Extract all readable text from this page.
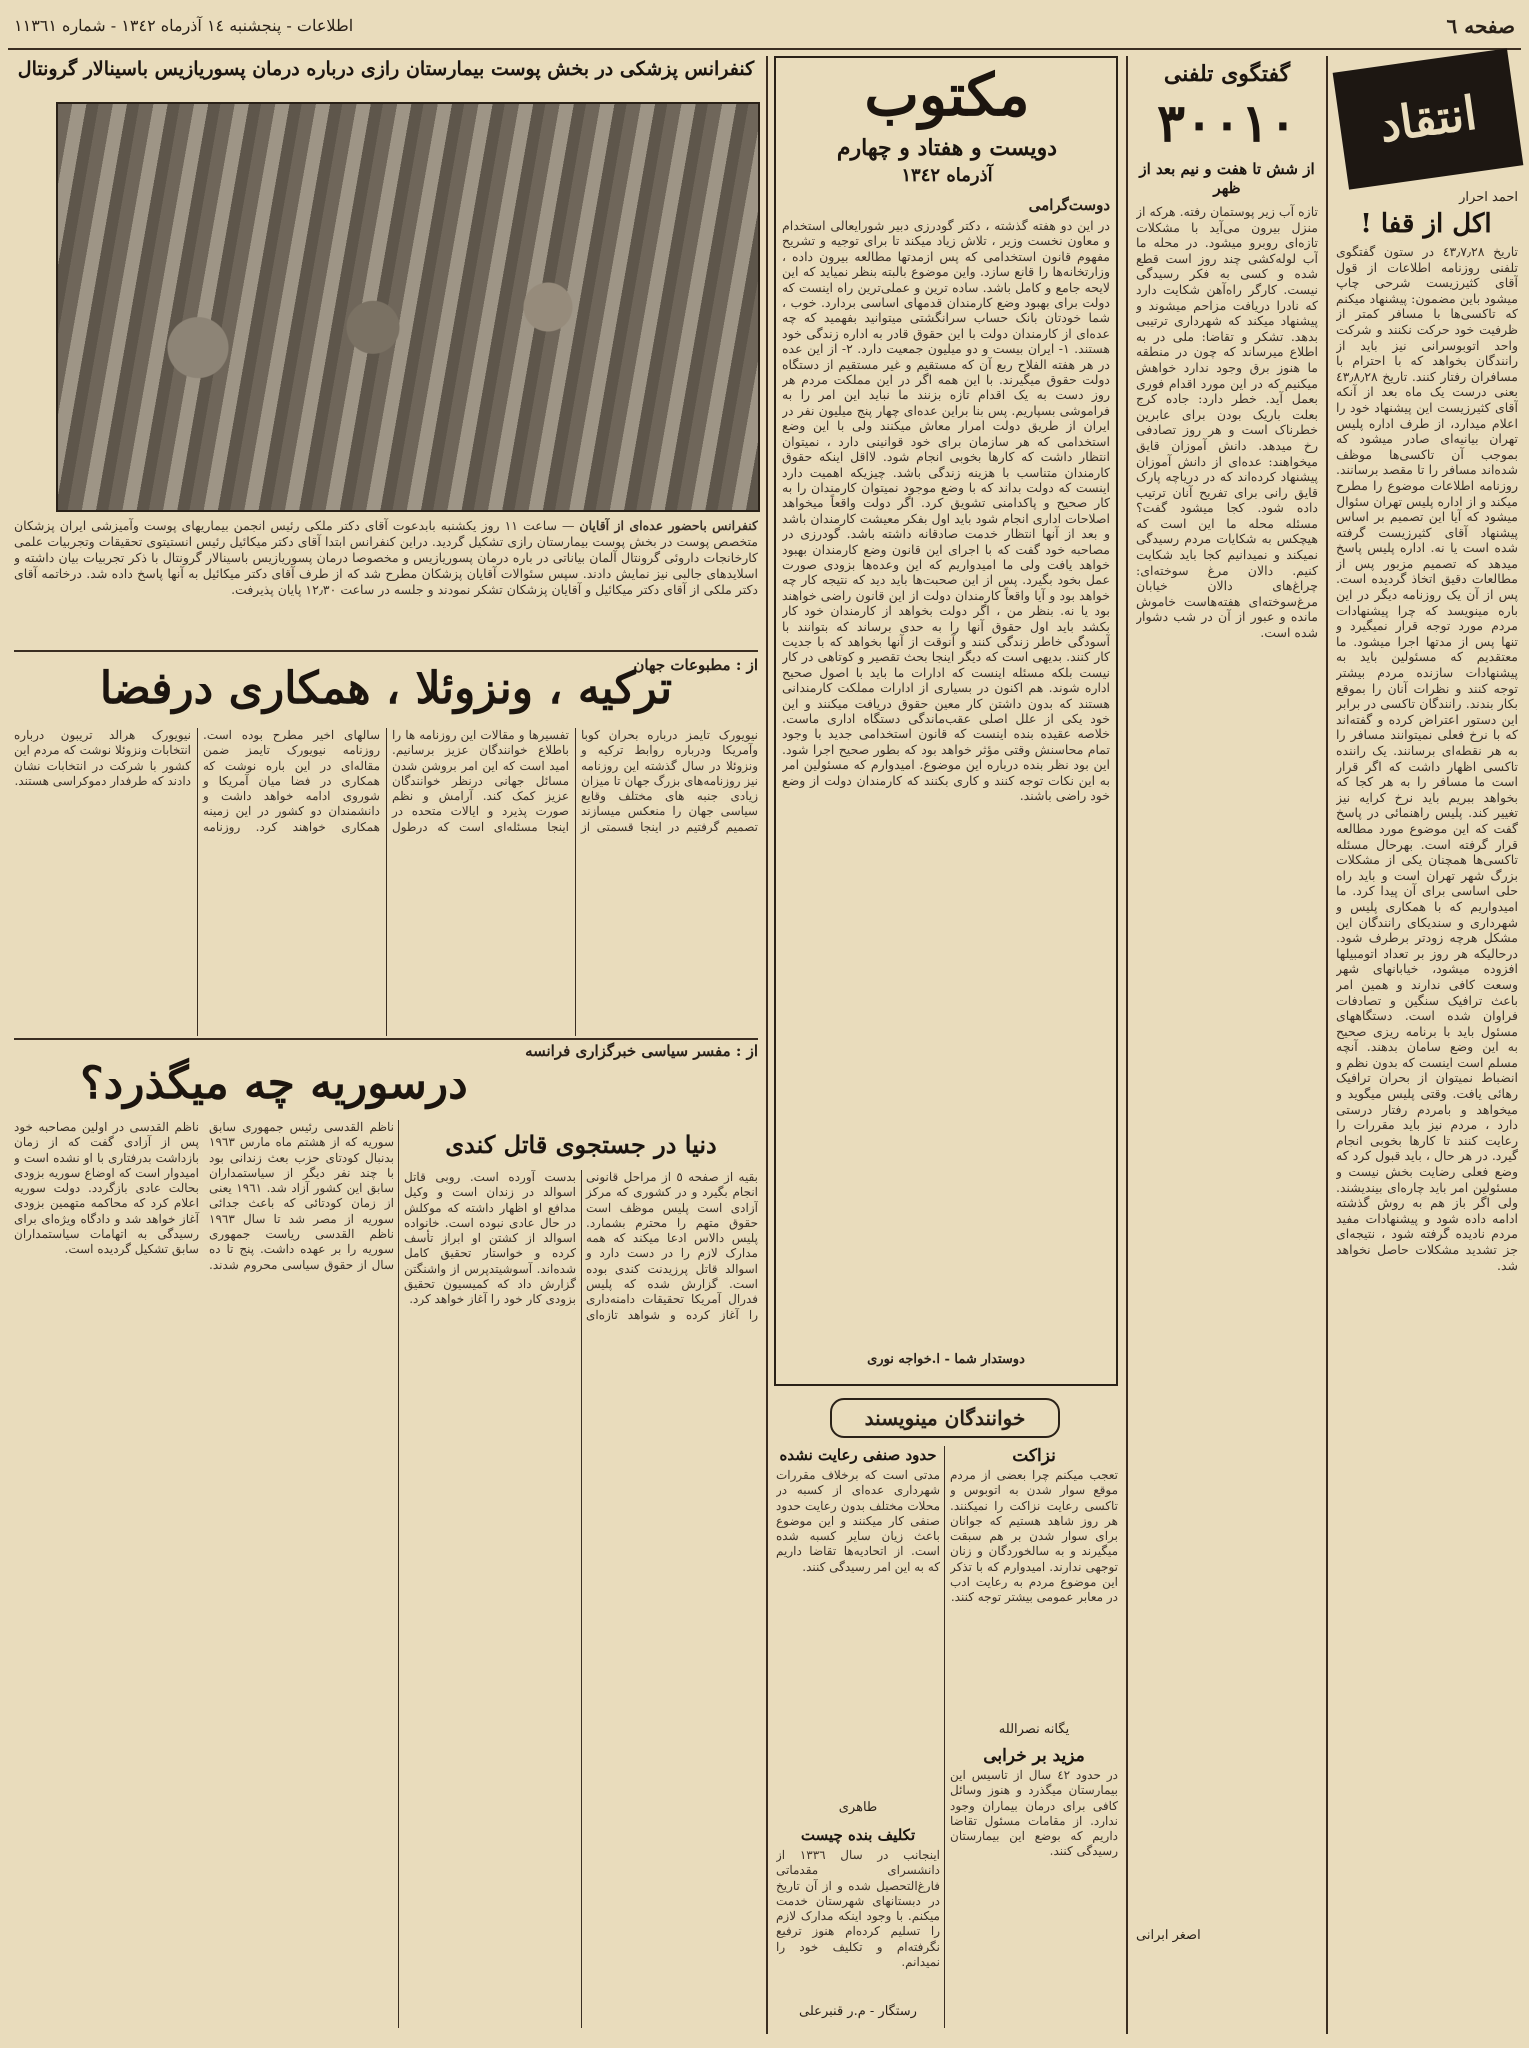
صفحه ٦
اطلاعات - پنجشنبه ١٤ آذرماه ١٣٤٢ - شماره ١١٣٦١
کنفرانس پزشکی در بخش پوست بیمارستان رازی درباره درمان پسوریازیس باسینالار گرونتال
کنفرانس باحضور عده‌ای از آقایان — ساعت ١١ روز یکشنبه بابدعوت آقای دکتر ملکی رئیس انجمن بیماریهای پوست وآمیزشی ایران پزشکان متخصص پوست در بخش پوست بیمارستان رازی تشکیل گردید. دراین کنفرانس ابتدا آقای دکتر میکائیل رئیس انستیتوی تحقیقات وتجربیات علمی کارخانجات داروئی گرونتال آلمان بیاناتی در باره درمان پسوریازیس و مخصوصا درمان پسوریازیس باسینالار گرونتال با ذکر تجربیات بیان داشته و اسلایدهای جالبی نیز نمایش دادند. سپس سئوالات آقایان پزشکان مطرح شد که از طرف آقای دکتر میکائیل به آنها پاسخ داده شد. درخاتمه آقای دکتر ملکی از آقای دکتر میکائیل و آقایان پزشکان تشکر نمودند و جلسه در ساعت ١٢٫٣٠ پایان پذیرفت.
از : مطبوعات جهان
ترکیه ، ونزوئلا ، همکاری درفضا
نیویورک تایمز درباره بحران کوبا وآمریکا ودرباره روابط ترکیه و ونزوئلا در سال گذشته این روزنامه نیز روزنامه‌های بزرگ جهان تا میزان زیادی جنبه های مختلف وقایع سیاسی جهان را منعکس میسازند تصمیم گرفتیم در اینجا قسمتی از تفسیرها و مقالات این روزنامه ها را باطلاع خوانندگان عزیز برسانیم. امید است که این امر بروشن شدن مسائل جهانی درنظر خوانندگان عزیز کمک کند. آرامش و نظم صورت پذیرد و ایالات متحده در اینجا مسئله‌ای است که درطول سالهای اخیر مطرح بوده است. روزنامه نیویورک تایمز ضمن مقاله‌ای در این باره نوشت که همکاری در فضا میان آمریکا و شوروی ادامه خواهد داشت و دانشمندان دو کشور در این زمینه همکاری خواهند کرد. روزنامه نیویورک هرالد تریبون درباره انتخابات ونزوئلا نوشت که مردم این کشور با شرکت در انتخابات نشان دادند که طرفدار دموکراسی هستند.
از : مفسر سیاسی خبرگزاری فرانسه
درسوریه چه میگذرد؟
ناظم القدسی رئیس جمهوری سابق سوریه که از هشتم ماه مارس ١٩٦٣ بدنبال کودتای حزب بعث زندانی بود با چند نفر دیگر از سیاستمداران سابق این کشور آزاد شد. ١٩٦١ یعنی از زمان کودتائی که باعث جدائی سوریه از مصر شد تا سال ١٩٦٣ ناظم القدسی ریاست جمهوری سوریه را بر عهده داشت. پنج تا ده سال از حقوق سیاسی محروم شدند. ناظم القدسی در اولین مصاحبه خود پس از آزادی گفت که از زمان بازداشت بدرفتاری با او نشده است و امیدوار است که اوضاع سوریه بزودی بحالت عادی بازگردد. دولت سوریه اعلام کرد که محاکمه متهمین بزودی آغاز خواهد شد و دادگاه ویژه‌ای برای رسیدگی به اتهامات سیاستمداران سابق تشکیل گردیده است.
دنیا در جستجوی قاتل کندی
بقیه از صفحه ٥ از مراحل قانونی انجام بگیرد و در کشوری که مرکز آزادی است پلیس موظف است حقوق متهم را محترم بشمارد. پلیس دالاس ادعا میکند که همه مدارک لازم را در دست دارد و اسوالد قاتل پرزیدنت کندی بوده است. گزارش شده که پلیس فدرال آمریکا تحقیقات دامنه‌داری را آغاز کرده و شواهد تازه‌ای بدست آورده است. روبی قاتل اسوالد در زندان است و وکیل مدافع او اظهار داشته که موکلش در حال عادی نبوده است. خانواده اسوالد از کشتن او ابراز تأسف کرده و خواستار تحقیق کامل شده‌اند. آسوشیتدپرس از واشنگتن گزارش داد که کمیسیون تحقیق بزودی کار خود را آغاز خواهد کرد.
مکتوب
دویست و هفتاد و چهارم
آذرماه ١٣٤٢
دوست‌گرامی
در این دو هفته گذشته ، دکتر گودرزی دبیر شورایعالی استخدام و معاون نخست وزیر ، تلاش زیاد میکند تا برای توجیه و تشریح مفهوم قانون استخدامی که پس ازمدتها مطالعه بیرون داده ، وزارتخانه‌ها را قانع سازد. واین موضوع بالبته بنظر نمیاید که این لایحه جامع و کامل باشد. ساده ترین و عملی‌ترین راه اینست که دولت برای بهبود وضع کارمندان قدمهای اساسی بردارد. خوب ، شما خودتان بانک حساب سرانگشتی میتوانید بفهمید که چه عده‌ای از کارمندان دولت با این حقوق قادر به اداره زندگی خود هستند. ١- ایران بیست و دو میلیون جمعیت دارد. ٢- از این عده در هر هفته الفلاح ربع آن که مستقیم و غیر مستقیم از دستگاه دولت حقوق میگیرند. با این همه اگر در این مملکت مردم هر روز دست به یک اقدام تازه بزنند ما نباید این امر را به فراموشی بسپاریم. پس بنا براین عده‌ای چهار پنج میلیون نفر در ایران از طریق دولت امرار معاش میکنند ولی با این وضع استخدامی که هر سازمان برای خود قوانینی دارد ، نمیتوان انتظار داشت که کارها بخوبی انجام شود. لااقل اینکه حقوق کارمندان متناسب با هزینه زندگی باشد. چیزیکه اهمیت دارد اینست که دولت بداند که با وضع موجود نمیتوان کارمندان را به کار صحیح و پاکدامنی تشویق کرد. اگر دولت واقعاً میخواهد اصلاحات اداری انجام شود باید اول بفکر معیشت کارمندان باشد و بعد از آنها انتظار خدمت صادقانه داشته باشد. گودرزی در مصاحبه خود گفت که با اجرای این قانون وضع کارمندان بهبود خواهد یافت ولی ما امیدواریم که این وعده‌ها بزودی صورت عمل بخود بگیرد. پس از این صحبت‌ها باید دید که نتیجه کار چه خواهد بود و آیا واقعاً کارمندان دولت از این قانون راضی خواهند بود یا نه. بنظر من ، اگر دولت بخواهد از کارمندان خود کار بکشد باید اول حقوق آنها را به حدی برساند که بتوانند با آسودگی خاطر زندگی کنند و آنوقت از آنها بخواهد که با جدیت کار کنند. بدیهی است که دیگر اینجا بحث تقصیر و کوتاهی در کار نیست بلکه مسئله اینست که ادارات ما باید با اصول صحیح اداره شوند. هم اکنون در بسیاری از ادارات مملکت کارمندانی هستند که بدون داشتن کار معین حقوق دریافت میکنند و این خود یکی از علل اصلی عقب‌ماندگی دستگاه اداری ماست. خلاصه عقیده بنده اینست که قانون استخدامی جدید با وجود تمام محاسنش وقتی مؤثر خواهد بود که بطور صحیح اجرا شود. این بود نظر بنده درباره این موضوع. امیدوارم که مسئولین امر به این نکات توجه کنند و کاری بکنند که کارمندان دولت از وضع خود راضی باشند.
دوستدار شما - ا.خواجه نوری
خوانندگان مینویسند
نزاکت
تعجب میکنم چرا بعضی از مردم موقع سوار شدن به اتوبوس و تاکسی رعایت نزاکت را نمیکنند. هر روز شاهد هستیم که جوانان برای سوار شدن بر هم سبقت میگیرند و به سالخوردگان و زنان توجهی ندارند. امیدوارم که با تذکر این موضوع مردم به رعایت ادب در معابر عمومی بیشتر توجه کنند.
یگانه نصرالله
مزید بر خرابی
در حدود ٤٢ سال از تاسیس این بیمارستان میگذرد و هنوز وسائل کافی برای درمان بیماران وجود ندارد. از مقامات مسئول تقاضا داریم که بوضع این بیمارستان رسیدگی کنند.
حدود صنفی رعایت نشده
مدتی است که برخلاف مقررات شهرداری عده‌ای از کسبه در محلات مختلف بدون رعایت حدود صنفی کار میکنند و این موضوع باعث زیان سایر کسبه شده است. از اتحادیه‌ها تقاضا داریم که به این امر رسیدگی کنند.
طاهری
تکلیف بنده چیست
اینجانب در سال ١٣٣٦ از دانشسرای مقدماتی فارغ‌التحصیل شده و از آن تاریخ در دبستانهای شهرستان خدمت میکنم. با وجود اینکه مدارک لازم را تسلیم کرده‌ام هنوز ترفیع نگرفته‌ام و تکلیف خود را نمیدانم.
رستگار - م.ر قنبرعلی
گفتگوی تلفنی
٣٠٠١٠
از شش تا هفت و نیم بعد از ظهر
تازه آب زیر پوستمان رفته. هرکه از منزل بیرون می‌آید با مشکلات تازه‌ای روبرو میشود. در محله ما آب لوله‌کشی چند روز است قطع شده و کسی به فکر رسیدگی نیست. کارگر راه‌آهن شکایت دارد که نادرا دریافت مزاحم میشوند و پیشنهاد میکند که شهرداری ترتیبی بدهد. تشکر و تقاضا: ملی در به اطلاع میرساند که چون در منطقه ما هنوز برق وجود ندارد خواهش میکنیم که در این مورد اقدام فوری بعمل آید. خطر دارد: جاده کرج بعلت باریک بودن برای عابرین خطرناک است و هر روز تصادفی رخ میدهد. دانش آموزان قایق میخواهند: عده‌ای از دانش آموزان پیشنهاد کرده‌اند که در دریاچه پارک قایق رانی برای تفریح آنان ترتیب داده شود. کجا میشود گفت؟ مسئله محله ما این است که هیچکس به شکایات مردم رسیدگی نمیکند و نمیدانیم کجا باید شکایت کنیم. دالان مرغ سوخته‌ای: چراغ‌های دالان خیابان مرغ‌سوخته‌ای هفته‌هاست خاموش مانده و عبور از آن در شب دشوار شده است.
اصغر ابرانی
انتقاد
احمد احرار
اکل از قفا !
تاریخ ٤٣٫٧٫٢٨ در ستون گفتگوی تلفنی روزنامه اطلاعات از قول آقای کثیرزیست شرحی چاپ میشود باین مضمون: پیشنهاد میکنم که تاکسی‌ها با مسافر کمتر از ظرفیت خود حرکت نکنند و شرکت واحد اتوبوسرانی نیز باید از رانندگان بخواهد که با احترام با مسافران رفتار کنند. تاریخ ٤٣٫٨٫٢٨ بعنی درست یک ماه بعد از آنکه آقای کثیرزیست این پیشنهاد خود را اعلام میدارد، از طرف اداره پلیس تهران بیانیه‌ای صادر میشود که بموجب آن تاکسی‌ها موظف شده‌اند مسافر را تا مقصد برسانند. روزنامه اطلاعات موضوع را مطرح میکند و از اداره پلیس تهران سئوال میشود که آیا این تصمیم بر اساس پیشنهاد آقای کثیرزیست گرفته شده است یا نه. اداره پلیس پاسخ میدهد که تصمیم مزبور پس از مطالعات دقیق اتخاذ گردیده است. پس از آن یک روزنامه دیگر در این باره مینویسد که چرا پیشنهادات مردم مورد توجه قرار نمیگیرد و تنها پس از مدتها اجرا میشود. ما معتقدیم که مسئولین باید به پیشنهادات سازنده مردم بیشتر توجه کنند و نظرات آنان را بموقع بکار بندند. رانندگان تاکسی در برابر این دستور اعتراض کرده و گفته‌اند که با نرخ فعلی نمیتوانند مسافر را به هر نقطه‌ای برسانند. یک راننده تاکسی اظهار داشت که اگر قرار است ما مسافر را به هر کجا که بخواهد ببریم باید نرخ کرایه نیز تغییر کند. پلیس راهنمائی در پاسخ گفت که این موضوع مورد مطالعه قرار گرفته است. بهرحال مسئله تاکسی‌ها همچنان یکی از مشکلات بزرگ شهر تهران است و باید راه حلی اساسی برای آن پیدا کرد. ما امیدواریم که با همکاری پلیس و شهرداری و سندیکای رانندگان این مشکل هرچه زودتر برطرف شود. درحالیکه هر روز بر تعداد اتومبیلها افزوده میشود، خیابانهای شهر وسعت کافی ندارند و همین امر باعث ترافیک سنگین و تصادفات فراوان شده است. دستگاههای مسئول باید با برنامه ریزی صحیح به این وضع سامان بدهند. آنچه مسلم است اینست که بدون نظم و انضباط نمیتوان از بحران ترافیک رهائی یافت. وقتی پلیس میگوید و میخواهد و بامردم رفتار درستی دارد ، مردم نیز باید مقررات را رعایت کنند تا کارها بخوبی انجام گیرد. در هر حال ، باید قبول کرد که وضع فعلی رضایت بخش نیست و مسئولین امر باید چاره‌ای بیندیشند. ولی اگر باز هم به روش گذشته ادامه داده شود و پیشنهادات مفید مردم نادیده گرفته شود ، نتیجه‌ای جز تشدید مشکلات حاصل نخواهد شد.
